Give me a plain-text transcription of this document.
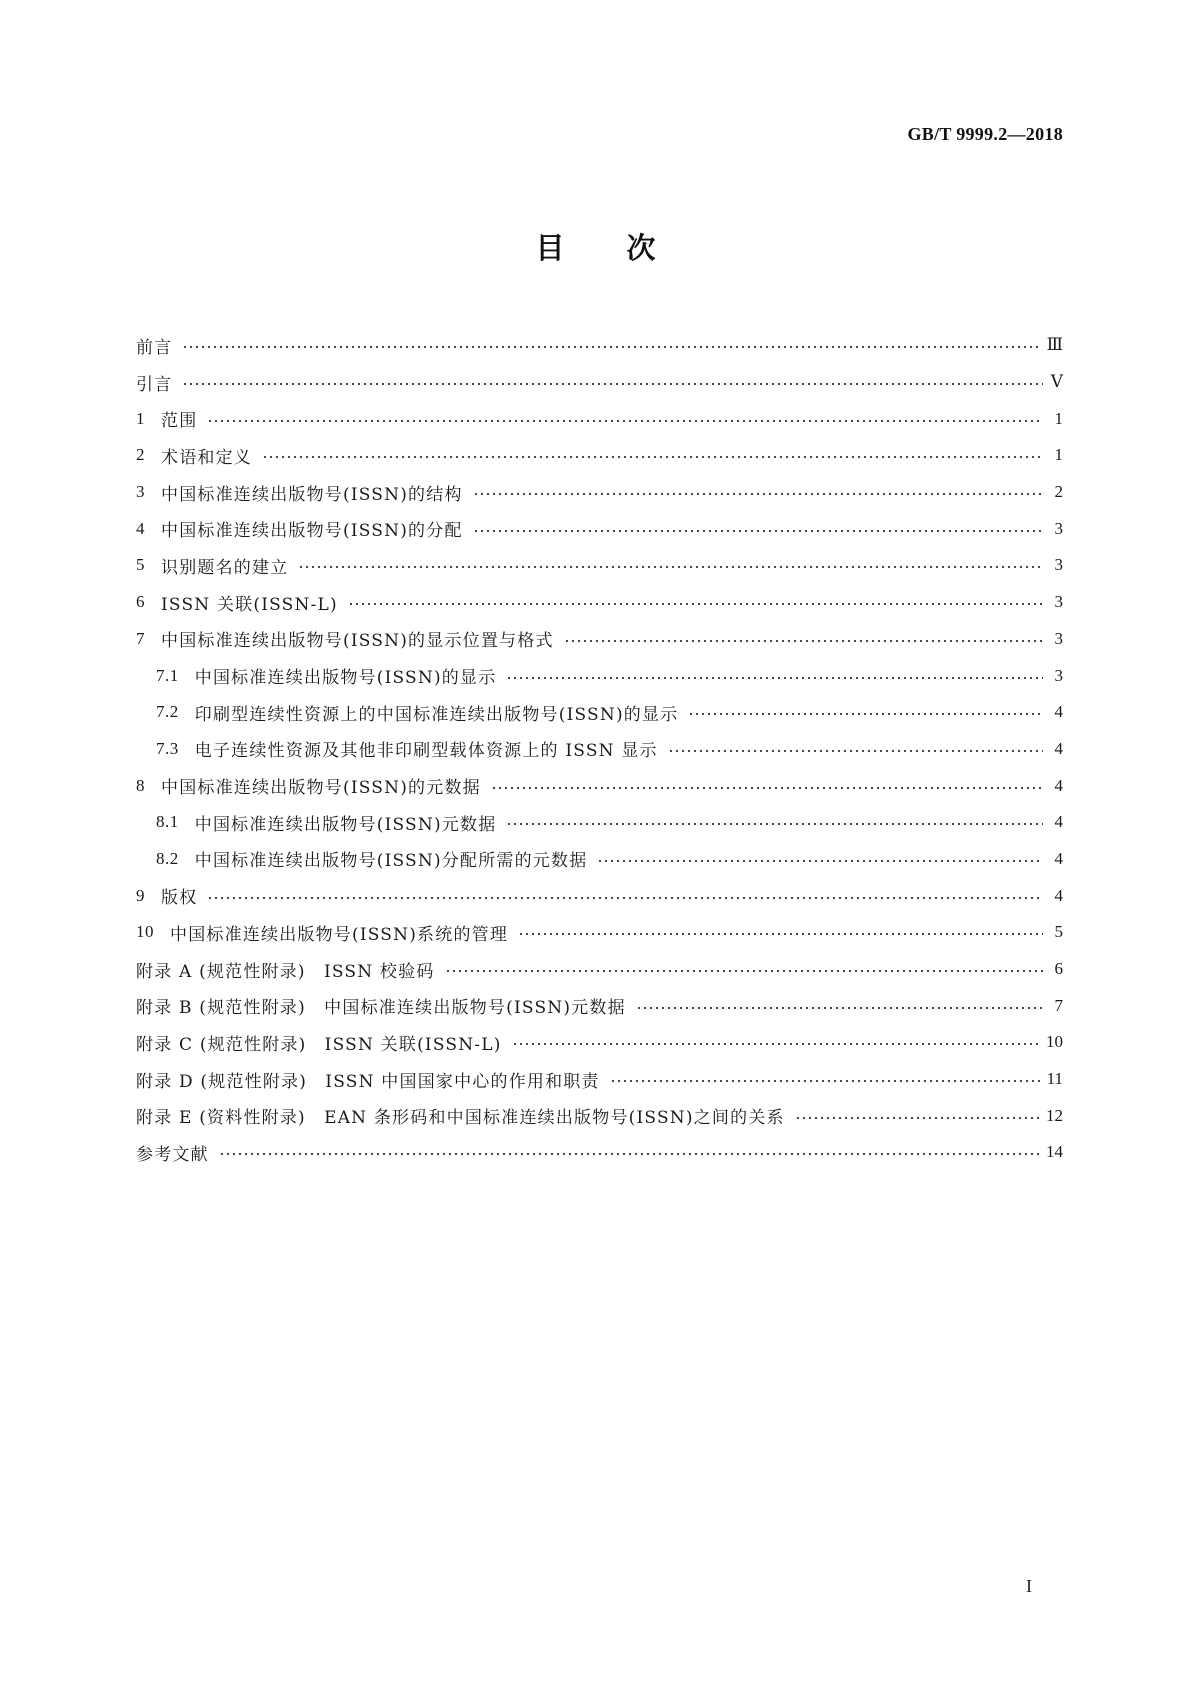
GB/T 9999.2—2018
目 次
前言	Ⅲ
引言	Ⅴ
1 范围	1
2 术语和定义	1
3 中国标准连续出版物号(ISSN)的结构	2
4 中国标准连续出版物号(ISSN)的分配	3
5 识别题名的建立	3
6 ISSN 关联(ISSN-L)	3
7 中国标准连续出版物号(ISSN)的显示位置与格式	3
7.1 中国标准连续出版物号(ISSN)的显示	3
7.2 印刷型连续性资源上的中国标准连续出版物号(ISSN)的显示	4
7.3 电子连续性资源及其他非印刷型载体资源上的 ISSN 显示	4
8 中国标准连续出版物号(ISSN)的元数据	4
8.1 中国标准连续出版物号(ISSN)元数据	4
8.2 中国标准连续出版物号(ISSN)分配所需的元数据	4
9 版权	4
10 中国标准连续出版物号(ISSN)系统的管理	5
附录 A (规范性附录)　ISSN 校验码	6
附录 B (规范性附录)　中国标准连续出版物号(ISSN)元数据	7
附录 C (规范性附录)　ISSN 关联(ISSN-L)	10
附录 D (规范性附录)　ISSN 中国国家中心的作用和职责	11
附录 E (资料性附录)　EAN 条形码和中国标准连续出版物号(ISSN)之间的关系	12
参考文献	14
I
